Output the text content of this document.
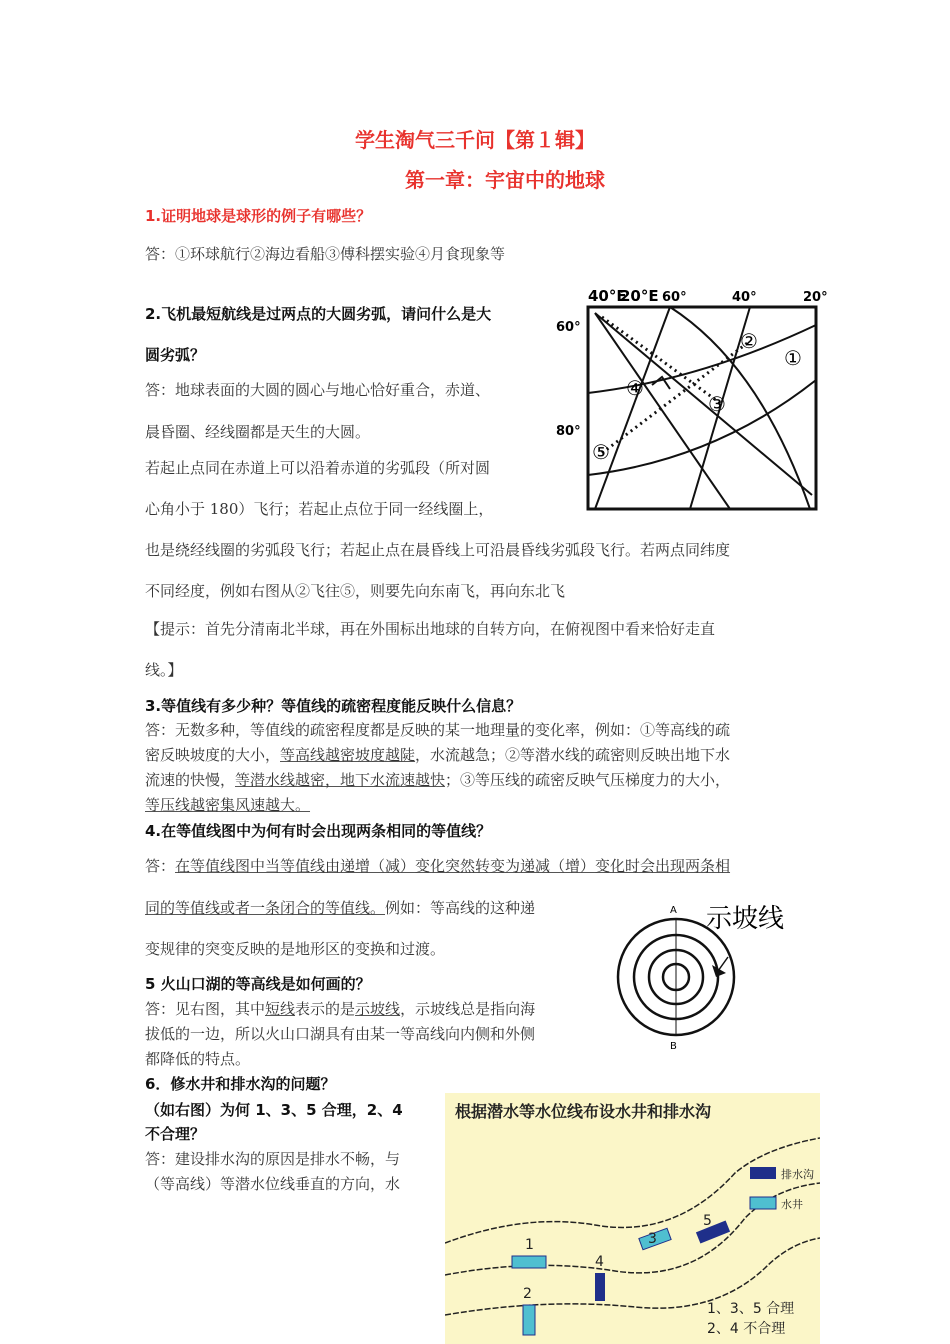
学生淘气三千问【第１辑】
第一章：宇宙中的地球
1.证明地球是球形的例子有哪些？
答：①环球航行②海边看船③傅科摆实验④月食现象等
2.飞机最短航线是过两点的大圆劣弧，请问什么是大
圆劣弧？
答：地球表面的大圆的圆心与地心恰好重合，赤道、
晨昏圈、经线圈都是天生的大圆。
若起止点同在赤道上可以沿着赤道的劣弧段（所对圆
心角小于 180）飞行；若起止点位于同一经线圈上，
也是绕经线圈的劣弧段飞行；若起止点在晨昏线上可沿晨昏线劣弧段飞行。若两点同纬度
不同经度，例如右图从②飞往⑤，则要先向东南飞，再向东北飞
【提示：首先分清南北半球，再在外围标出地球的自转方向，在俯视图中看来恰好走直
线。】
40°E
20°E 60°	40°	20°
60°
80°
①
②
③
④
⑤
3.等值线有多少种？等值线的疏密程度能反映什么信息？
答：无数多种，等值线的疏密程度都是反映的某一地理量的变化率，例如：①等高线的疏
密反映坡度的大小，等高线越密坡度越陡，水流越急；②等潜水线的疏密则反映出地下水
流速的快慢，等潜水线越密，地下水流速越快；③等压线的疏密反映气压梯度力的大小，
等压线越密集风速越大。
4.在等值线图中为何有时会出现两条相同的等值线？
答：在等值线图中当等值线由递增（减）变化突然转变为递减（增）变化时会出现两条相
同的等值线或者一条闭合的等值线。例如：等高线的这种递
变规律的突变反映的是地形区的变换和过渡。
示坡线
A
B
5 火山口湖的等高线是如何画的？
答：见右图，其中短线表示的是示坡线，示坡线总是指向海
拔低的一边，所以火山口湖具有由某一等高线向内侧和外侧
都降低的特点。
6．修水井和排水沟的问题？
（如右图）为何 1、3、5 合理，2、4
不合理？
答：建设排水沟的原因是排水不畅，与
（等高线）等潜水位线垂直的方向，水
根据潜水等水位线布设水井和排水沟
排水沟
水井
1
2
3
4
5
1、3、5 合理
2、4 不合理
